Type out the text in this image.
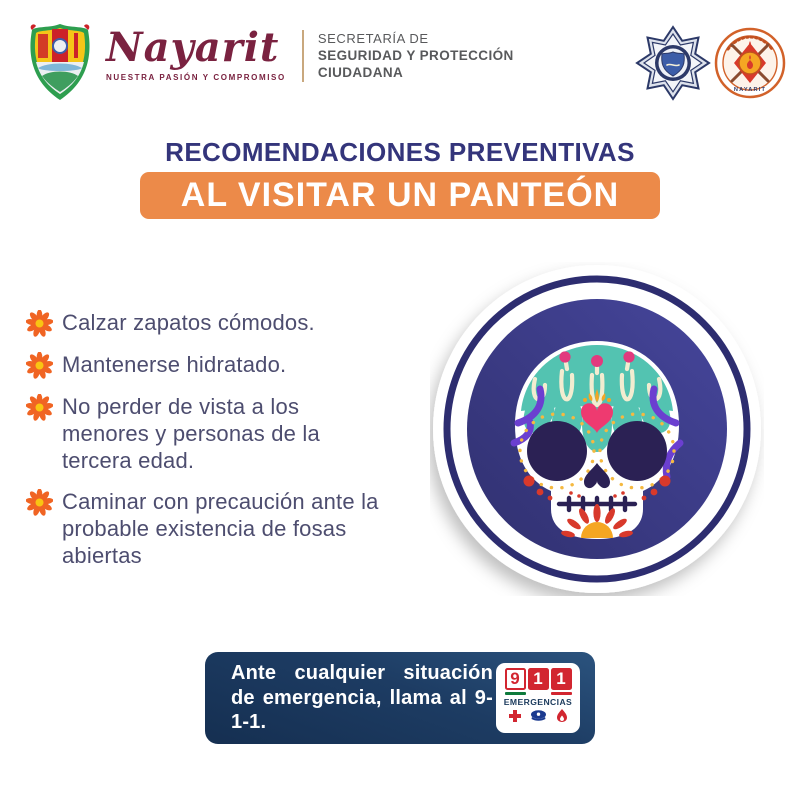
Nayarit
NUESTRA PASIÓN Y COMPROMISO
SECRETARÍA DE
SEGURIDAD Y PROTECCIÓN
CIUDADANA
NAYARIT
RECOMENDACIONES PREVENTIVAS
AL VISITAR UN PANTEÓN
Calzar zapatos cómodos.
Mantenerse hidratado.
No perder de vista a los menores y personas de la tercera edad.
Caminar con precaución ante la probable existencia de fosas abiertas

Ante cualquier situación de emergencia, llama al 9-1-1.

9 1 1
EMERGENCIAS
